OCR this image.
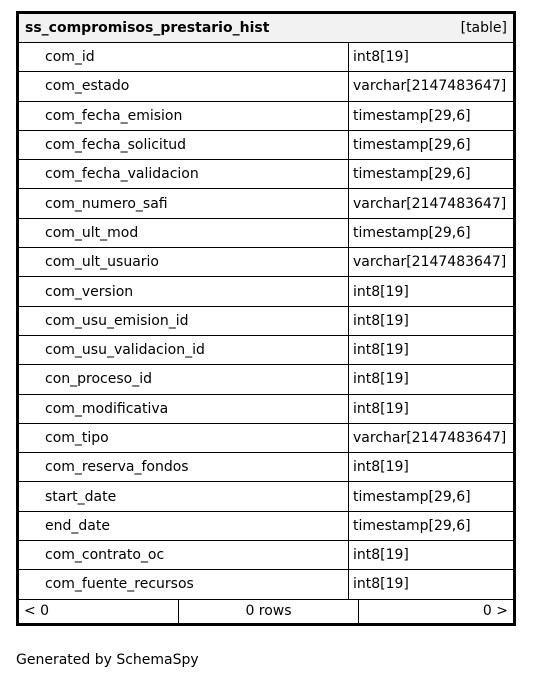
ss_compromisos_prestario_hist	[table]
com_id	int8[19]
com_estado	varchar[2147483647]
com_fecha_emision	timestamp[29,6]
com_fecha_solicitud	timestamp[29,6]
com_fecha_validacion	timestamp[29,6]
com_numero_safi	varchar[2147483647]
com_ult_mod	timestamp[29,6]
com_ult_usuario	varchar[2147483647]
com_version	int8[19]
com_usu_emision_id	int8[19]
com_usu_validacion_id	int8[19]
con_proceso_id	int8[19]
com_modificativa	int8[19]
com_tipo	varchar[2147483647]
com_reserva_fondos	int8[19]
start_date	timestamp[29,6]
end_date	timestamp[29,6]
com_contrato_oc	int8[19]
com_fuente_recursos	int8[19]
< 0	0 rows	0 >
Generated by SchemaSpy
